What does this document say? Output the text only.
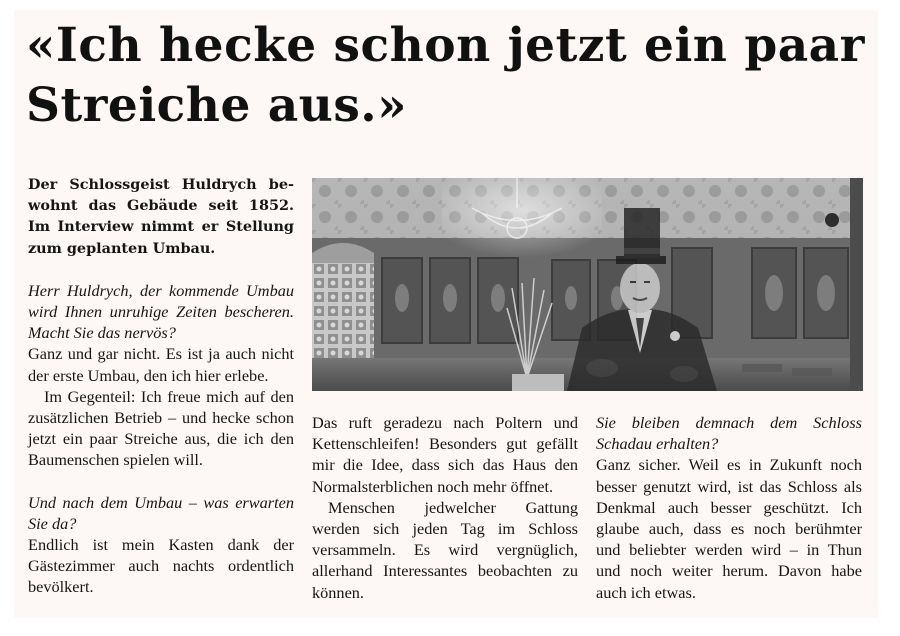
«Ich hecke schon jetzt ein paar Streiche aus.»

Der Schlossgeist Huldrych bewohnt das Gebäude seit 1852. Im Interview nimmt er Stellung zum geplanten Umbau.

Herr Huldrych, der kommende Umbau wird Ihnen unruhige Zeiten bescheren. Macht Sie das nervös?

Ganz und gar nicht. Es ist ja auch nicht der erste Umbau, den ich hier erlebe.

Im Gegenteil: Ich freue mich auf den zusätzlichen Betrieb – und hecke schon jetzt ein paar Streiche aus, die ich den Baumenschen spielen will.

Und nach dem Umbau – was erwarten Sie da?

Endlich ist mein Kasten dank der Gästezimmer auch nachts ordentlich bevölkert.

Das ruft geradezu nach Poltern und Kettenschleifen! Besonders gut gefällt mir die Idee, dass sich das Haus den Normalsterblichen noch mehr öffnet.

Menschen jedwelcher Gattung werden sich jeden Tag im Schloss versammeln. Es wird vergnüglich, allerhand Interessantes beobachten zu können.

Sie bleiben demnach dem Schloss Schadau erhalten?

Ganz sicher. Weil es in Zukunft noch besser genutzt wird, ist das Schloss als Denkmal auch besser geschützt. Ich glaube auch, dass es noch berühmter und beliebter werden wird – in Thun und noch weiter herum. Davon habe auch ich etwas.
